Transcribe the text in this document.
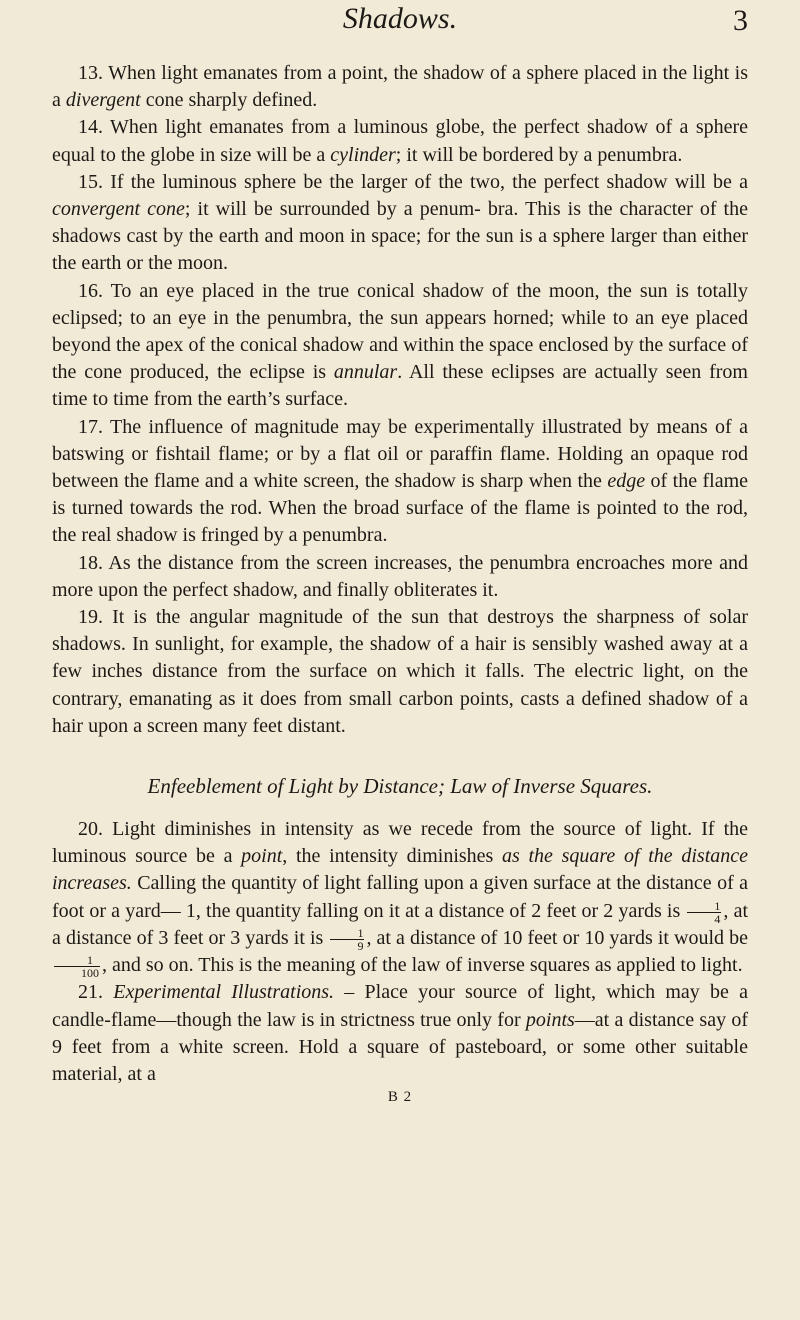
Shadows.	3

13. When light emanates from a point, the shadow of a sphere placed in the light is a divergent cone sharply defined.

14. When light emanates from a luminous globe, the perfect shadow of a sphere equal to the globe in size will be a cylinder; it will be bordered by a penumbra.

15. If the luminous sphere be the larger of the two, the perfect shadow will be a convergent cone; it will be surrounded by a penum- bra. This is the character of the shadows cast by the earth and moon in space; for the sun is a sphere larger than either the earth or the moon.

16. To an eye placed in the true conical shadow of the moon, the sun is totally eclipsed; to an eye in the penumbra, the sun appears horned; while to an eye placed beyond the apex of the conical shadow and within the space enclosed by the surface of the cone produced, the eclipse is annular. All these eclipses are actually seen from time to time from the earth’s surface.

17. The influence of magnitude may be experimentally illustrated by means of a batswing or fishtail flame; or by a flat oil or paraffin flame. Holding an opaque rod between the flame and a white screen, the shadow is sharp when the edge of the flame is turned towards the rod. When the broad surface of the flame is pointed to the rod, the real shadow is fringed by a penumbra.

18. As the distance from the screen increases, the penumbra encroaches more and more upon the perfect shadow, and finally obliterates it.

19. It is the angular magnitude of the sun that destroys the sharpness of solar shadows. In sunlight, for example, the shadow of a hair is sensibly washed away at a few inches distance from the surface on which it falls. The electric light, on the contrary, emanating as it does from small carbon points, casts a defined shadow of a hair upon a screen many feet distant.

Enfeeblement of Light by Distance; Law of Inverse Squares.

20. Light diminishes in intensity as we recede from the source of light. If the luminous source be a point, the intensity diminishes as the square of the distance increases. Calling the quantity of light falling upon a given surface at the distance of a foot or a yard— 1, the quantity falling on it at a distance of 2 feet or 2 yards is $\frac{1}{4}$ , at a distance of 3 feet or 3 yards it is $\frac{1}{9}$ , at a distance of 10 feet or 10 yards it would be
$\frac{1}{100}$ , and so on. This is the meaning of the law of inverse squares as applied to light.

21. Experimental Illustrations. – Place your source of light, which may be a candle-flame—though the law is in strictness true only for points—at a distance say of 9 feet from a white screen. Hold a square of pasteboard, or some other suitable material, at a

B 2
